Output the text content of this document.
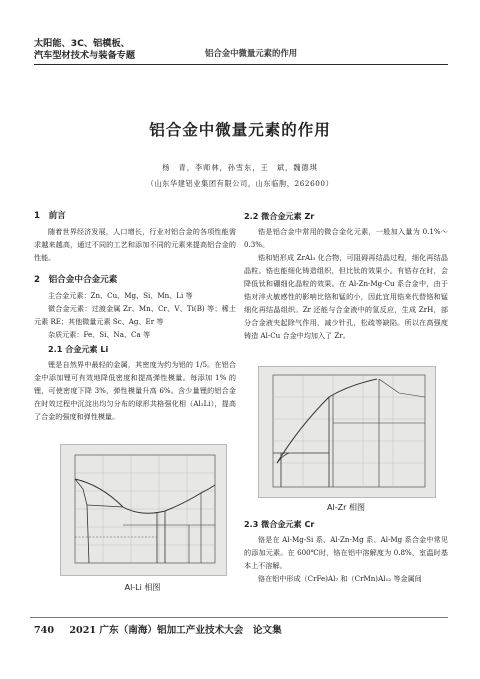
太阳能、3C、铝模板、
汽车型材技术与装备专题	铝合金中微量元素的作用
铝合金中微量元素的作用
杨　青，李师林，孙雪东，王　斌，魏德琪
（山东华建铝业集团有限公司，山东临朐，262600）

1　前言

随着世界经济发展，人口增长，行业对铝合金的各项性能需求越来越高，通过不同的工艺和添加不同的元素来提高铝合金的性能。

2　铝合金中合金元素

主合金元素：Zn、Cu、Mg、Si、Mn、Li 等

微合金元素：过渡金属 Zr、Mn、Cr、V、Ti(B) 等；稀土元素 RE；其他微量元素 Sc、Ag、Er 等

杂质元素：Fe、Si、Na、Ca 等

2.1 合金元素 Li

锂是自然界中最轻的金属，其密度为约为铝的 1/5。在铝合金中添加锂可有效地降低密度和提高弹性模量。每添加 1% 的锂，可使密度下降 3%，弹性模量升高 6%。含少量锂的铝合金在时效过程中沉淀出均匀分布的球形共格强化相（Al₃Li），提高了合金的强度和弹性模量。

Al-Li 相图

2.2 微合金元素 Zr

锆是铝合金中常用的微合金化元素，一般加入量为 0.1%～0.3%。

锆和铝形成 ZrAl₃ 化合物，可阻碍再结晶过程，细化再结晶晶粒。锆也能细化铸造组织，但比钛的效果小。有锆存在时，会降低钛和硼细化晶粒的效果。在 Al-Zn-Mg-Cu 系合金中，由于锆对淬火敏感性的影响比铬和锰的小，因此宜用锆来代替铬和锰细化再结晶组织。Zr 还能与合金液中的氢反应，生成 ZrH，部分合金液夹起除气作用，减少针孔，松疏等缺陷。所以在高强度铸造 Al-Cu 合金中均加入了 Zr。

Al-Zr 相图

2.3 微合金元素 Cr

铬是在 Al-Mg-Si 系、Al-Zn-Mg 系、Al-Mg 系合金中常见的添加元素。在 600℃时，铬在铝中溶解度为 0.8%，室温时基本上不溶解。

铬在铝中形成（CrFe)Al₇ 和（CrMn)Al₁₂ 等金属间

740 2021 广东（南海）铝加工产业技术大会　论文集
